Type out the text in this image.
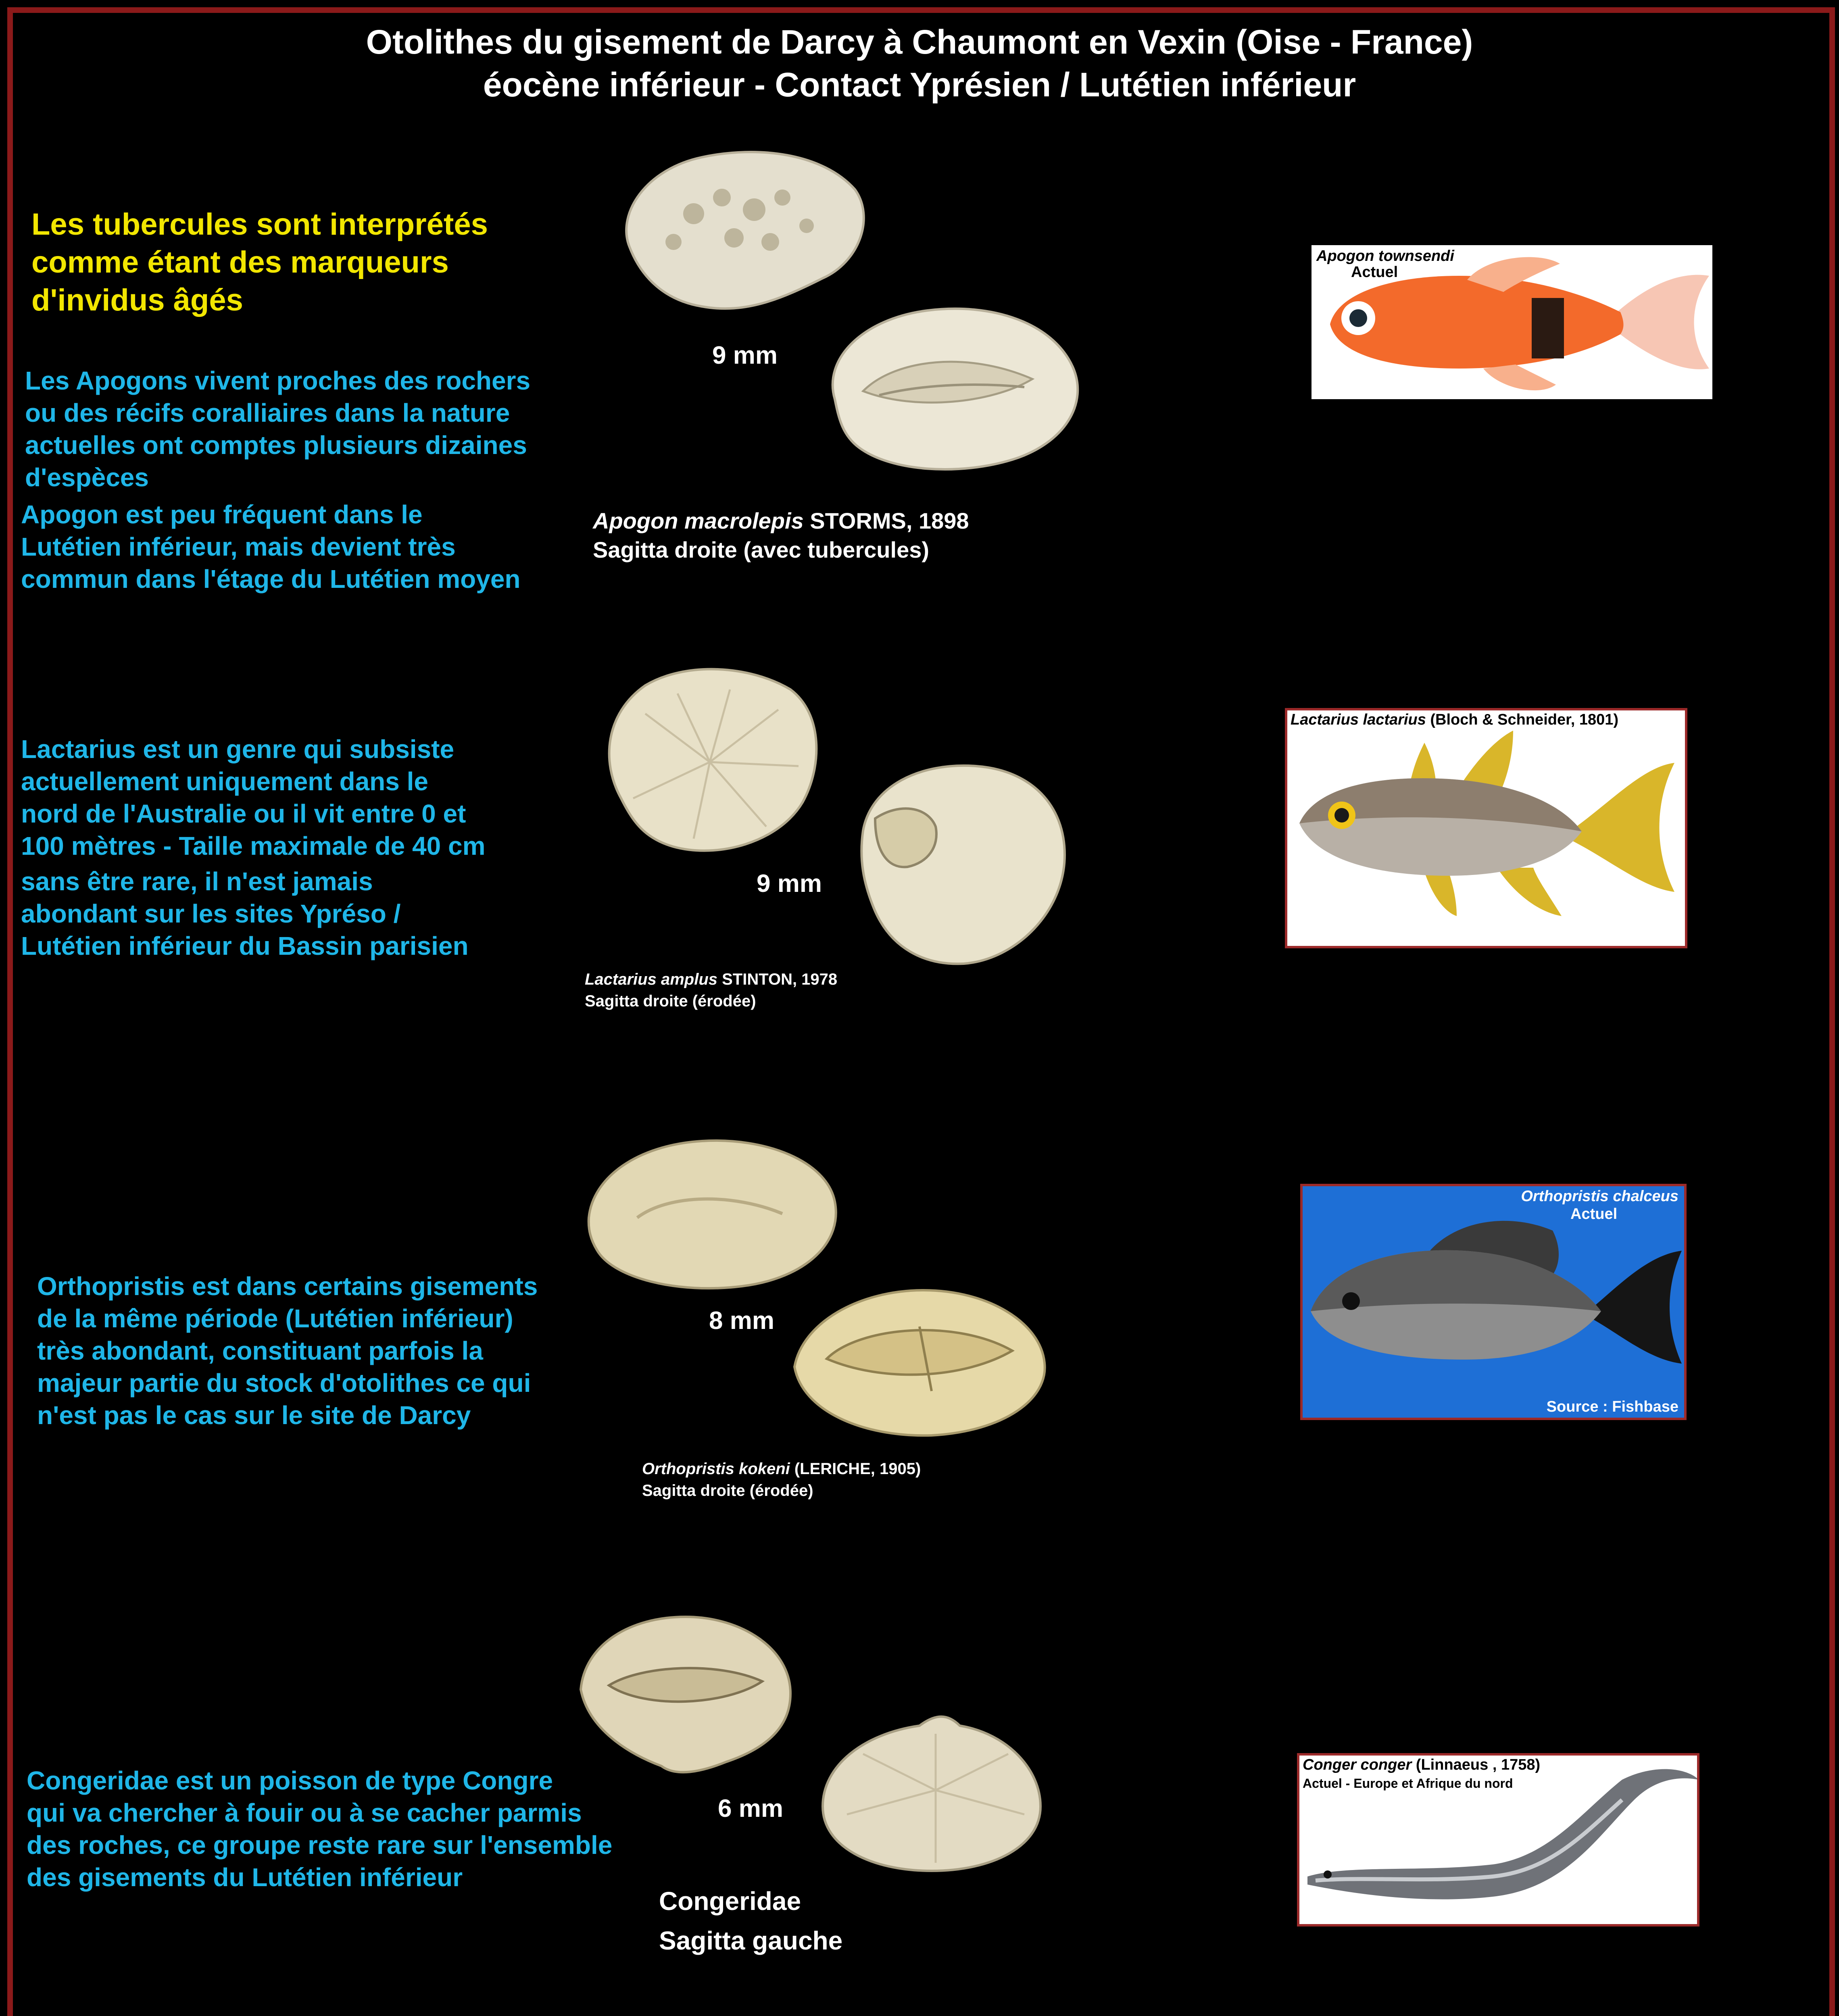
Otolithes du gisement de Darcy à Chaumont en Vexin (Oise - France)
éocène inférieur - Contact Yprésien / Lutétien inférieur
Les tubercules sont interprétés
comme étant des marqueurs
d'invidus âgés
Les Apogons vivent proches des rochers
ou des récifs coralliaires dans la nature
actuelles ont comptes plusieurs dizaines
d'espèces
Apogon est peu fréquent dans le
Lutétien inférieur, mais devient très
commun dans l'étage du Lutétien moyen
9 mm
Apogon macrolepis STORMS, 1898
Sagitta droite (avec tubercules)
Apogon townsendi
Actuel
Lactarius est un genre qui subsiste
actuellement uniquement dans le
nord de l'Australie ou il vit entre 0 et
100 mètres - Taille maximale de 40 cm
sans être rare, il n'est jamais
abondant sur les sites Ypréso /
Lutétien inférieur du Bassin parisien
9 mm
Lactarius amplus STINTON, 1978
Sagitta droite (érodée)
Lactarius lactarius (Bloch & Schneider, 1801)
Orthopristis est dans certains gisements
de la même période (Lutétien inférieur)
très abondant, constituant parfois la
majeur partie du stock d'otolithes ce qui
n'est pas le cas sur le site de Darcy
8 mm
Orthopristis kokeni (LERICHE, 1905)
Sagitta droite (érodée)
Orthopristis chalceus
Actuel
Source : Fishbase
Congeridae est un poisson de type Congre
qui va chercher à fouir ou à se cacher parmis
des roches, ce groupe reste rare sur l'ensemble
des gisements du Lutétien inférieur
6 mm
Congeridae
Sagitta gauche
Conger conger (Linnaeus , 1758)
Actuel - Europe et Afrique du nord
